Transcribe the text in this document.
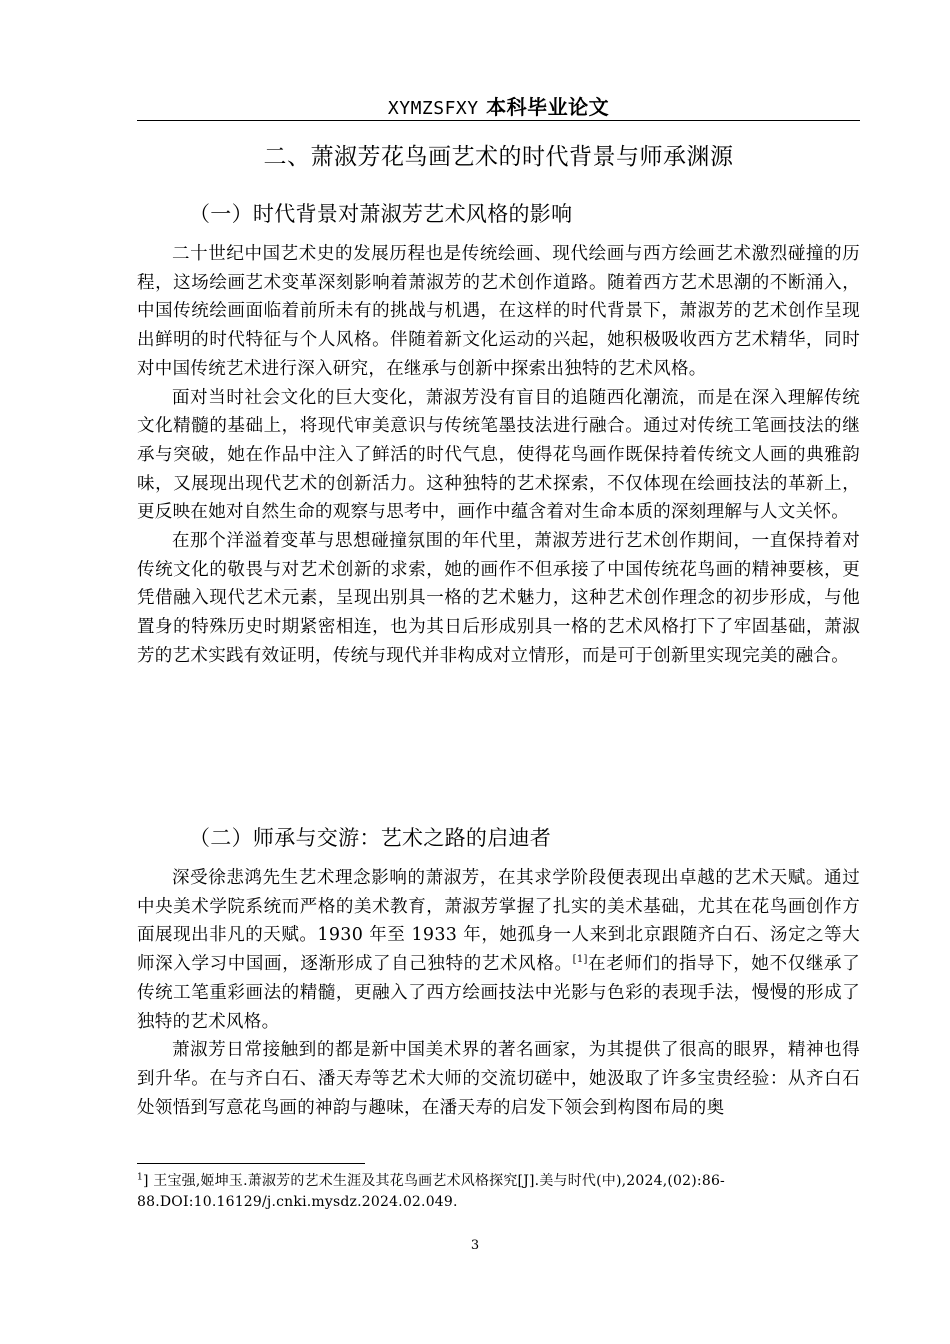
XYMZSFXY 本科毕业论文
二、萧淑芳花鸟画艺术的时代背景与师承渊源
（一）时代背景对萧淑芳艺术风格的影响

二十世纪中国艺术史的发展历程也是传统绘画、现代绘画与西方绘画艺术激烈碰撞的历程，这场绘画艺术变革深刻影响着萧淑芳的艺术创作道路。随着西方艺术思潮的不断涌入，中国传统绘画面临着前所未有的挑战与机遇，在这样的时代背景下，萧淑芳的艺术创作呈现出鲜明的时代特征与个人风格。伴随着新文化运动的兴起，她积极吸收西方艺术精华，同时对中国传统艺术进行深入研究，在继承与创新中探索出独特的艺术风格。

面对当时社会文化的巨大变化，萧淑芳没有盲目的追随西化潮流，而是在深入理解传统文化精髓的基础上，将现代审美意识与传统笔墨技法进行融合。通过对传统工笔画技法的继承与突破，她在作品中注入了鲜活的时代气息，使得花鸟画作既保持着传统文人画的典雅韵味，又展现出现代艺术的创新活力。这种独特的艺术探索，不仅体现在绘画技法的革新上，更反映在她对自然生命的观察与思考中，画作中蕴含着对生命本质的深刻理解与人文关怀。

在那个洋溢着变革与思想碰撞氛围的年代里，萧淑芳进行艺术创作期间，一直保持着对传统文化的敬畏与对艺术创新的求索，她的画作不但承接了中国传统花鸟画的精神要核，更凭借融入现代艺术元素，呈现出别具一格的艺术魅力，这种艺术创作理念的初步形成，与他置身的特殊历史时期紧密相连，也为其日后形成别具一格的艺术风格打下了牢固基础，萧淑芳的艺术实践有效证明，传统与现代并非构成对立情形，而是可于创新里实现完美的融合。

（二）师承与交游：艺术之路的启迪者

深受徐悲鸿先生艺术理念影响的萧淑芳，在其求学阶段便表现出卓越的艺术天赋。通过中央美术学院系统而严格的美术教育，萧淑芳掌握了扎实的美术基础，尤其在花鸟画创作方面展现出非凡的天赋。1930 年至 1933 年，她孤身一人来到北京跟随齐白石、汤定之等大师深入学习中国画，逐渐形成了自己独特的艺术风格。[1]在老师们的指导下，她不仅继承了传统工笔重彩画法的精髓，更融入了西方绘画技法中光影与色彩的表现手法，慢慢的形成了独特的艺术风格。

萧淑芳日常接触到的都是新中国美术界的著名画家，为其提供了很高的眼界，精神也得到升华。在与齐白石、潘天寿等艺术大师的交流切磋中，她汲取了许多宝贵经验：从齐白石处领悟到写意花鸟画的神韵与趣味，在潘天寿的启发下领会到构图布局的奥

$^1$] 王宝强,姬坤玉.萧淑芳的艺术生涯及其花鸟画艺术风格探究[J].美与时代(中),2024,(02):86-88.DOI:10.16129/j.cnki.mysdz.2024.02.049.

3
